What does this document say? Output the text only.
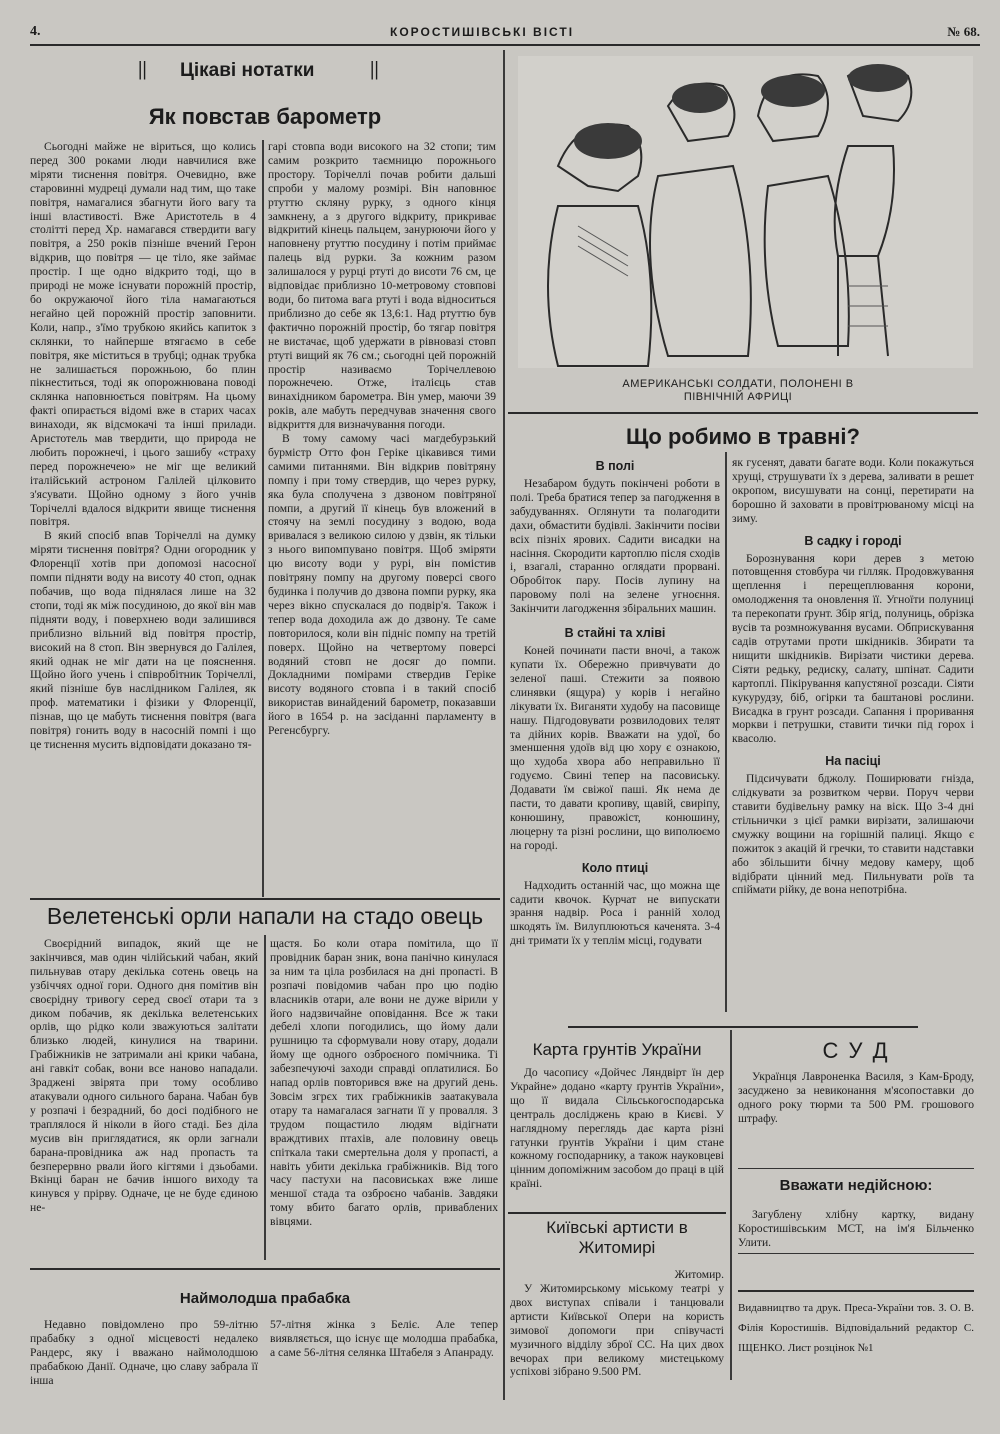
4.	КОРОСТИШІВСЬКІ ВІСТІ	№ 68.
|| Цікаві нотатки	||
Як повстав барометр

Сьогодні майже не віриться, що колись перед 300 роками люди навчилися вже міряти тиснення повітря. Очевидно, вже старовинні мудреці думали над тим, що таке повітря, намагалися збагнути його вагу та інші властивості. Вже Аристотель в 4 столітті перед Хр. намагався ствердити вагу повітря, а 250 років пізніше вчений Герон відкрив, що повітря — це тіло, яке займає простір. І ще одно відкрито тоді, що в природі не може існувати порожній простір, бо окружаючої його тіла намагаються негайно цей порожній простір заповнити. Коли, напр., з'їмо трубкою якийсь капиток з склянки, то найперше втягаємо в себе повітря, яке міститься в трубці; однак трубка не залишається порожньою, бо плин пікнеститься, тоді як опорожнювана поводі склянка наповнюється повітрям. На цьому факті опирається відомі вже в старих часах винаходи, як відсмокачі та інші прилади. Аристотель мав твердити, що природа не любить порожнечі, і цього зашибу «страху перед порожнечею» не міг ще великий італійський астроном Галілей цілковито з'ясувати. Щойно одному з його учнів Торічеллі вдалося відкрити явище тиснення повітря.

В який спосіб впав Торічеллі на думку міряти тиснення повітря? Одни огородник у Флоренції хотів при допомозі насосної помпи підняти воду на висоту 40 стоп, однак побачив, що вода піднялася лише на 32 стопи, тоді як між посудиною, до якої він мав підняти воду, і поверхнею води залишився приблизно вільний від повітря простір, високий на 8 стоп. Він звернувся до Галілея, який однак не міг дати на це пояснення. Щойно його учень і співробітник Торічеллі, який пізніше був наслідником Галілея, як проф. математики і фізики у Флоренції, пізнав, що це мабуть тиснення повітря (вага повітря) гонить воду в насосній помпі і що це тиснення мусить відповідати доказано тя-

гарі стовпа води високого на 32 стопи; тим самим розкрито таємницю порожнього простору. Торічеллі почав робити дальші спроби у малому розмірі. Він наповнює ртуттю скляну рурку, з одного кінця замкнену, а з другого відкриту, прикриває відкритий кінець пальцем, занурюючи його у наповнену ртуттю посудину і потім приймає палець від рурки. За кожним разом залишалося у рурці ртуті до висоти 76 см, це відповідає приблизно 10-метровому стовпові води, бо питома вага ртуті і вода відноситься приблизно до себе як 13,6:1. Над ртуттю був фактично порожній простір, бо тягар повітря не вистачає, щоб удержати в рівновазі стовп ртуті вищий як 76 см.; сьогодні цей порожній простір називаємо Торічеллевою порожнечею. Отже, італієць став винахідником барометра. Він умер, маючи 39 років, але мабуть передчував значення свого відкриття для визначування погоди.

В тому самому часі магдебурзький бурмістр Отто фон Геріке цікавився тими самими питаннями. Він відкрив повітряну помпу і при тому ствердив, що через рурку, яка була сполучена з дзвоном повітряної помпи, а другий її кінець був вложений в стоячу на землі посудину з водою, вода вривалася з великою силою у дзвін, як тільки з нього випомпувано повітря. Щоб зміряти цю висоту води у рурі, він помістив повітряну помпу на другому поверсі свого будинка і получив до дзвона помпи рурку, яка через вікно спускалася до подвір'я. Також і тепер вода доходила аж до дзвону. Те саме повторилося, коли він підніс помпу на третій поверх. Щойно на четвертому поверсі водяний стовп не досяг до помпи. Докладними помірами ствердив Геріке висоту водяного стовпа і в такий спосіб використав винайдений барометр, показавши його в 1654 р. на засіданні парламенту в Регенсбургу.

Велетенські орли напали на стадо овець

Своєрідний випадок, який ще не закінчився, мав один чілійський чабан, який пильнував отару декілька сотень овець на узбіччях одної гори. Одного дня помітив він своєрідну тривогу серед своєї отари та з диком побачив, як декілька велетенських орлів, що рідко коли зважуються залітати близько людей, кинулися на тварини. Грабіжників не затримали ані крики чабана, ані гавкіт собак, вони все наново нападали. Зраджені звірята при тому особливо атакували одного сильного барана. Чабан був у розпачі і безрадний, бо досі подібного не траплялося й ніколи в його стаді. Без діла мусив він приглядатися, як орли загнали барана-провідника аж над пропасть та безперервно рвали його кігтями і дзьобами. Вкінці баран не бачив іншого виходу та кинувся у прірву. Одначе, це не буде єдиною не-

щастя. Бо коли отара помітила, що її провідник баран зник, вона панічно кинулася за ним та ціла розбилася на дні пропасті. В розпачі повідомив чабан про цю подію власників отари, але вони не дуже вірили у його надзвичайне оповідання. Все ж таки дебелі хлопи погодились, що йому дали рушницю та сформували нову отару, додали йому ще одного озброєного помічника. Ті забезпечуючі заходи справді оплатилися. Бо напад орлів повторився вже на другий день. Зовсім згрєх тих грабіжників заатакувала отару та намагалася загнати її у провалля. З трудом пощастило людям відігнати враждтивих птахів, але половину овець спіткала таки смертельна доля у пропасті, а навіть убити декілька грабіжників. Від того часу пастухи на пасовиськах вже лише меншої стада та озброєно чабанів. Завдяки тому вбито багато орлів, приваблених вівцями.

Наймолодша прабабка

Недавно повідомлено про 59-літню прабабку з одної місцевості недалеко Рандерс, яку і вважано наймолодшою прабабкою Данії. Одначе, цю славу забрала її інша

57-літня жінка з Беліє. Але тепер виявляється, що існує ще молодша прабабка, а саме 56-літня селянка Штабеля з Апанраду.

АМЕРИКАНСЬКІ СОЛДАТИ, ПОЛОНЕНІ В ПІВНІЧНІЙ АФРИЦІ
Що робимо в травні?
В полі

Незабаром будуть покінчені роботи в полі. Треба братися тепер за пагодження в забудуваннях. Оглянути та полагодити дахи, обмастити будівлі. Закінчити посіви всіх пізніх ярових. Садити висадки на насіння. Скородити картоплю після сходів і, взагалі, старанно оглядати прорвані. Обробіток пару. Посів лупину на паровому полі на зелене угноєння. Закінчити лагодження збіральних машин.

В стайні та хліві

Коней починати пасти вночі, а також купати їх. Обережно привчувати до зеленої паші. Стежити за появою слинявки (ящура) у корів і негайно лікувати їх. Виганяти худобу на пасовище нашу. Підгодовувати розвилодових телят та дійних корів. Вважати на удої, бо зменшення удоїв від цю хору є ознакою, що худоба хвора або неправильно її годуємо. Свині тепер на пасовиську. Додавати їм свіжої паші. Як нема де пасти, то давати кропиву, щавій, свиріпу, конюшину, правожіст, конюшину, люцерну та різні рослини, що виполюємо на городі.

Коло птиці

Надходить останній час, що можна ще садити квочок. Курчат не випускати зрання надвір. Роса і ранній холод шкодять їм. Вилуплюються каченята. 3-4 дні тримати їх у теплім місці, годувати

як гусенят, давати багате води. Коли покажуться хрущі, струшувати їх з дерева, заливати в решет окропом, висушувати на сонці, перетирати на борошно й заховати в провітрюваному місці на зиму.

В садку і городі

Борознування кори дерев з метою потовщення стовбура чи гілляк. Продовжування щеплення і перещеплювання корони, омолодження та оновлення її. Угноїти полуниці та перекопати ґрунт. Збір ягід, полуниць, обрізка вусів та розмножування вусами. Обприскування садів отрутами проти шкідників. Збирати та нищити шкідників. Вирізати чистики дерева. Сіяти редьку, редиску, салату, шпінат. Садити картоплі. Пікірування капустяної розсади. Сіяти кукурудзу, біб, огірки та баштанові рослини. Висадка в грунт розсади. Сапання і проривання моркви і петрушки, ставити тички під горох і квасолю.

На пасіці

Підсичувати бджолу. Поширювати гнізда, слідкувати за розвитком черви. Поруч черви ставити будівельну рамку на віск. Що 3-4 дні стільнички з цієї рамки вирізати, залишаючи смужку вощини на горішній палиці. Якщо є пожиток з акацій й гречки, то ставити надставки або збільшити бічну медову камеру, щоб відібрати цінний мед. Пильнувати роїв та спіймати рійку, де вона непотрібна.

Карта грунтів України

До часопису «Дойчес Ляндвірт їн дер Украйне» додано «карту ґрунтів України», що її видала Сільськогосподарська централь досліджень краю в Києві. У наглядному переглядь дає карта різні гатунки ґрунтів України і цим стане кожному господарнику, а також науковцеві цінним допоміжним засобом до праці в цій країні.

Київські артисти в Житомирі
Житомир.

У Житомирському міському театрі у двох виступах співали і танцювали артисти Київської Опери на користь зимової допомоги при співучасті музичного відділу зброї СС. На цих двох вечорах при великому мистецькому успіхові зібрано 9.500 РМ.

С У Д

Українця Лавроненка Василя, з Кам-Броду, засуджено за невиконання м'ясопоставки до одного року тюрми та 500 РМ. грошового штрафу.

Вважати недійсною:

Загублену хлібну картку, видану Коростишівським МСТ, на ім'я Більченко Улити.

Видавництво та друк. Преса-України тов. З. О. В. Філія Коростишів. Відповідальний редактор С. ІЩЕНКО. Лист розцінок №1
